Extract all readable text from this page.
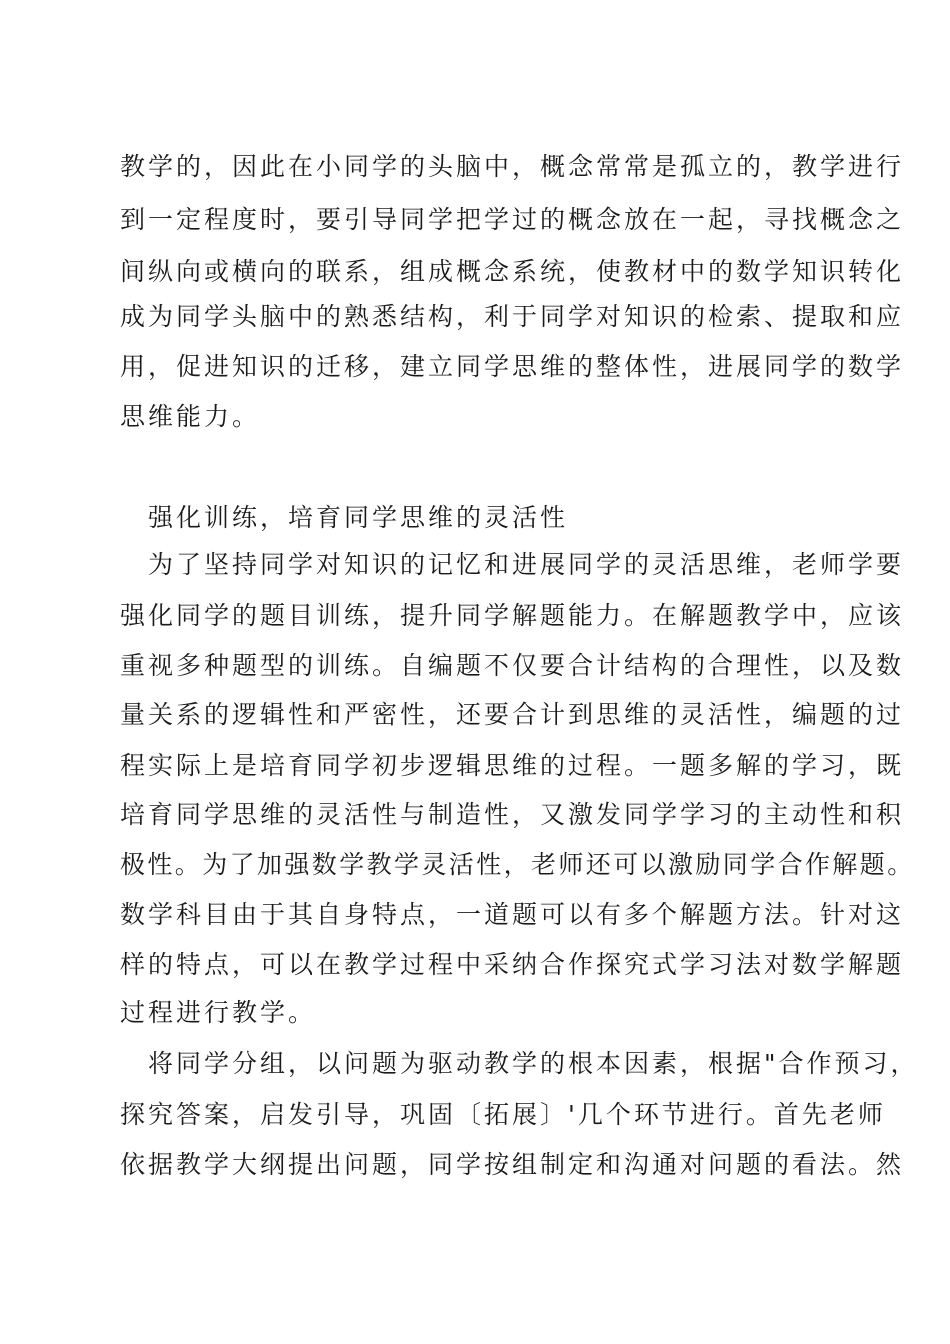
教学的，因此在小同学的头脑中，概念常常是孤立的，教学进行
到一定程度时，要引导同学把学过的概念放在一起，寻找概念之
间纵向或横向的联系，组成概念系统，使教材中的数学知识转化
成为同学头脑中的熟悉结构，利于同学对知识的检索、提取和应
用，促进知识的迁移，建立同学思维的整体性，进展同学的数学
思维能力。
强化训练，培育同学思维的灵活性
为了坚持同学对知识的记忆和进展同学的灵活思维，老师学要
强化同学的题目训练，提升同学解题能力。在解题教学中，应该
重视多种题型的训练。自编题不仅要合计结构的合理性，以及数
量关系的逻辑性和严密性，还要合计到思维的灵活性，编题的过
程实际上是培育同学初步逻辑思维的过程。一题多解的学习，既
培育同学思维的灵活性与制造性，又激发同学学习的主动性和积
极性。为了加强数学教学灵活性，老师还可以激励同学合作解题。
数学科目由于其自身特点，一道题可以有多个解题方法。针对这
样的特点，可以在教学过程中采纳合作探究式学习法对数学解题
过程进行教学。
将同学分组，以问题为驱动教学的根本因素，根据"合作预习，
探究答案，启发引导，巩固〔拓展〕'几个环节进行。首先老师
依据教学大纲提出问题，同学按组制定和沟通对问题的看法。然
